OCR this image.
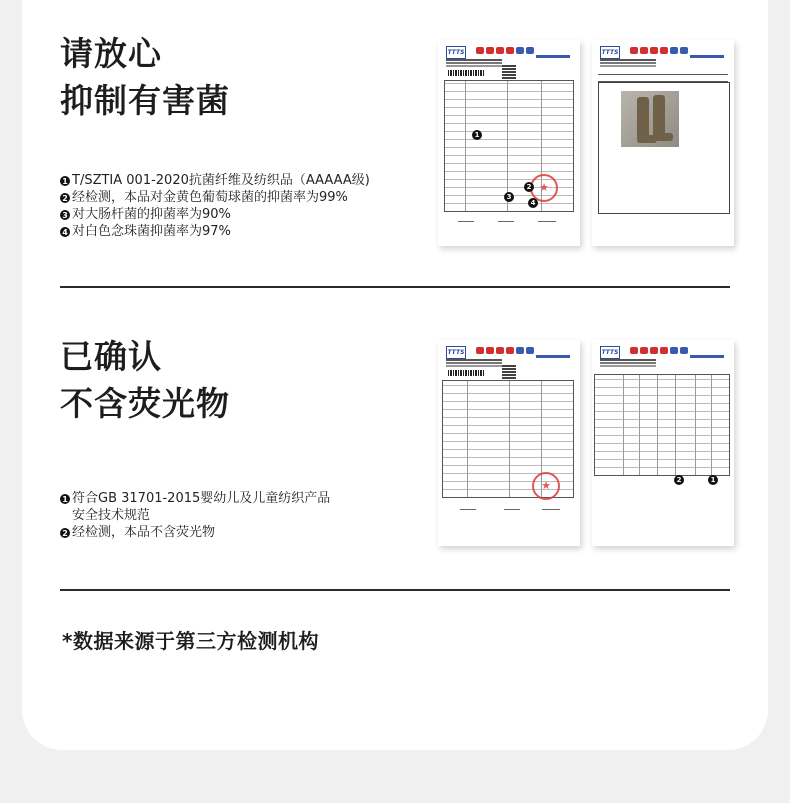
请放心
抑制有害菌
1 T/SZTIA 001-2020抗菌纤维及纺织品（AAAAA级)
2 经检测，本品对金黄色葡萄球菌的抑菌率为99%
3 对大肠杆菌的抑菌率为90%
4 对白色念珠菌抑菌率为97%
TTTS
★
1
2
3
4
TTTS
已确认
不含荧光物
1 符合GB 31701-2015婴幼儿及儿童纺织产品
安全技术规范
2 经检测，本品不含荧光物
TTTS
★
TTTS
2	1
*数据来源于第三方检测机构
